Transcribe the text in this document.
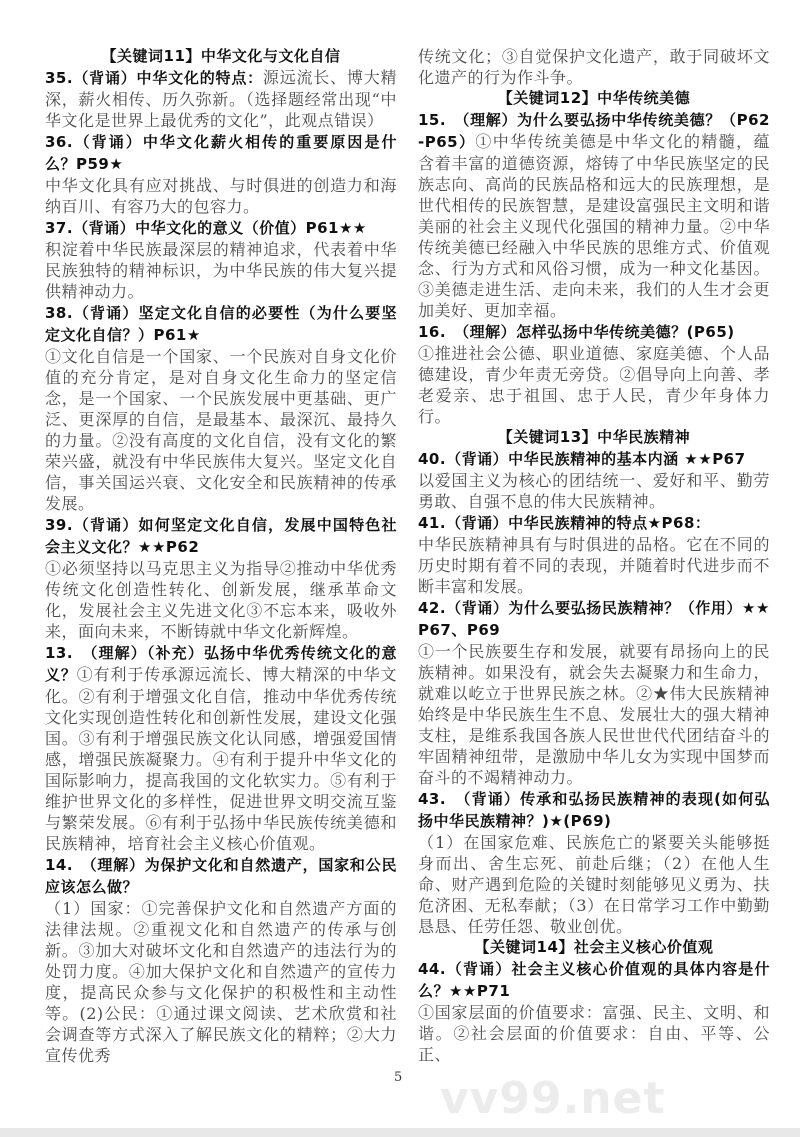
vv99.net
【关键词11】中华文化与文化自信

35.（背诵）中华文化的特点：源远流长、博大精深，薪火相传、历久弥新。（选择题经常出现“中华文化是世界上最优秀的文化”，此观点错误）

36.（背诵）中华文化薪火相传的重要原因是什么？P59★

中华文化具有应对挑战、与时俱进的创造力和海纳百川、有容乃大的包容力。

37.（背诵）中华文化的意义（价值）P61★★

积淀着中华民族最深层的精神追求，代表着中华民族独特的精神标识，为中华民族的伟大复兴提供精神动力。

38.（背诵）坚定文化自信的必要性（为什么要坚定文化自信？）P61★

①文化自信是一个国家、一个民族对自身文化价值的充分肯定，是对自身文化生命力的坚定信念，是一个国家、一个民族发展中更基础、更广泛、更深厚的自信，是最基本、最深沉、最持久的力量。②没有高度的文化自信，没有文化的繁荣兴盛，就没有中华民族伟大复兴。坚定文化自信，事关国运兴衰、文化安全和民族精神的传承发展。

39.（背诵）如何坚定文化自信，发展中国特色社会主义文化？★★P62

①必须坚持以马克思主义为指导②推动中华优秀传统文化创造性转化、创新发展，继承革命文化，发展社会主义先进文化③不忘本来，吸收外来，面向未来，不断铸就中华文化新辉煌。

13.　（理解）（补充）弘扬中华优秀传统文化的意义？①有利于传承源远流长、博大精深的中华文化。②有利于增强文化自信，推动中华优秀传统文化实现创造性转化和创新性发展，建设文化强国。③有利于增强民族文化认同感，增强爱国情感，增强民族凝聚力。④有利于提升中华文化的国际影响力，提高我国的文化软实力。⑤有利于维护世界文化的多样性，促进世界文明交流互鉴与繁荣发展。⑥有利于弘扬中华民族传统美德和民族精神，培育社会主义核心价值观。

14.　（理解）为保护文化和自然遗产，国家和公民应该怎么做？

（1）国家：①完善保护文化和自然遗产方面的法律法规。②重视文化和自然遗产的传承与创新。③加大对破坏文化和自然遗产的违法行为的处罚力度。④加大保护文化和自然遗产的宣传力度，提高民众参与文化保护的积极性和主动性等。(2)公民：①通过课文阅读、艺术欣赏和社会调查等方式深入了解民族文化的精粹；②大力宣传优秀

传统文化；③自觉保护文化遗产，敢于同破坏文化遗产的行为作斗争。

【关键词12】中华传统美德

15.　（理解）为什么要弘扬中华传统美德？（P62-P65）①中华传统美德是中华文化的精髓，蕴含着丰富的道德资源，熔铸了中华民族坚定的民族志向、高尚的民族品格和远大的民族理想，是世代相传的民族智慧，是建设富强民主文明和谐美丽的社会主义现代化强国的精神力量。②中华传统美德已经融入中华民族的思维方式、价值观念、行为方式和风俗习惯，成为一种文化基因。③美德走进生活、走向未来，我们的人生才会更加美好、更加幸福。

16.　（理解）怎样弘扬中华传统美德？(P65)

①推进社会公德、职业道德、家庭美德、个人品德建设，青少年责无旁贷。②倡导向上向善、孝老爱亲、忠于祖国、忠于人民，青少年身体力行。

【关键词13】中华民族精神

40.（背诵）中华民族精神的基本内涵 ★★P67

以爱国主义为核心的团结统一、爱好和平、勤劳勇敢、自强不息的伟大民族精神。

41.（背诵）中华民族精神的特点★P68：

中华民族精神具有与时俱进的品格。它在不同的历史时期有着不同的表现，并随着时代进步而不断丰富和发展。

42.（背诵）为什么要弘扬民族精神？（作用）★★P67、P69

①一个民族要生存和发展，就要有昂扬向上的民族精神。如果没有，就会失去凝聚力和生命力，就难以屹立于世界民族之林。②★伟大民族精神始终是中华民族生生不息、发展壮大的强大精神支柱，是维系我国各族人民世世代代团结奋斗的牢固精神纽带，是激励中华儿女为实现中国梦而奋斗的不竭精神动力。

43.　（背诵）传承和弘扬民族精神的表现(如何弘扬中华民族精神？)★(P69)

（1）在国家危难、民族危亡的紧要关头能够挺身而出、舍生忘死、前赴后继；（2）在他人生命、财产遇到危险的关键时刻能够见义勇为、扶危济困、无私奉献；（3）在日常学习工作中勤勤恳恳、任劳任怨、敬业创优。

【关键词14】社会主义核心价值观

44.（背诵）社会主义核心价值观的具体内容是什么？★★P71

①国家层面的价值要求：富强、民主、文明、和谐。②社会层面的价值要求：自由、平等、公正、

5
